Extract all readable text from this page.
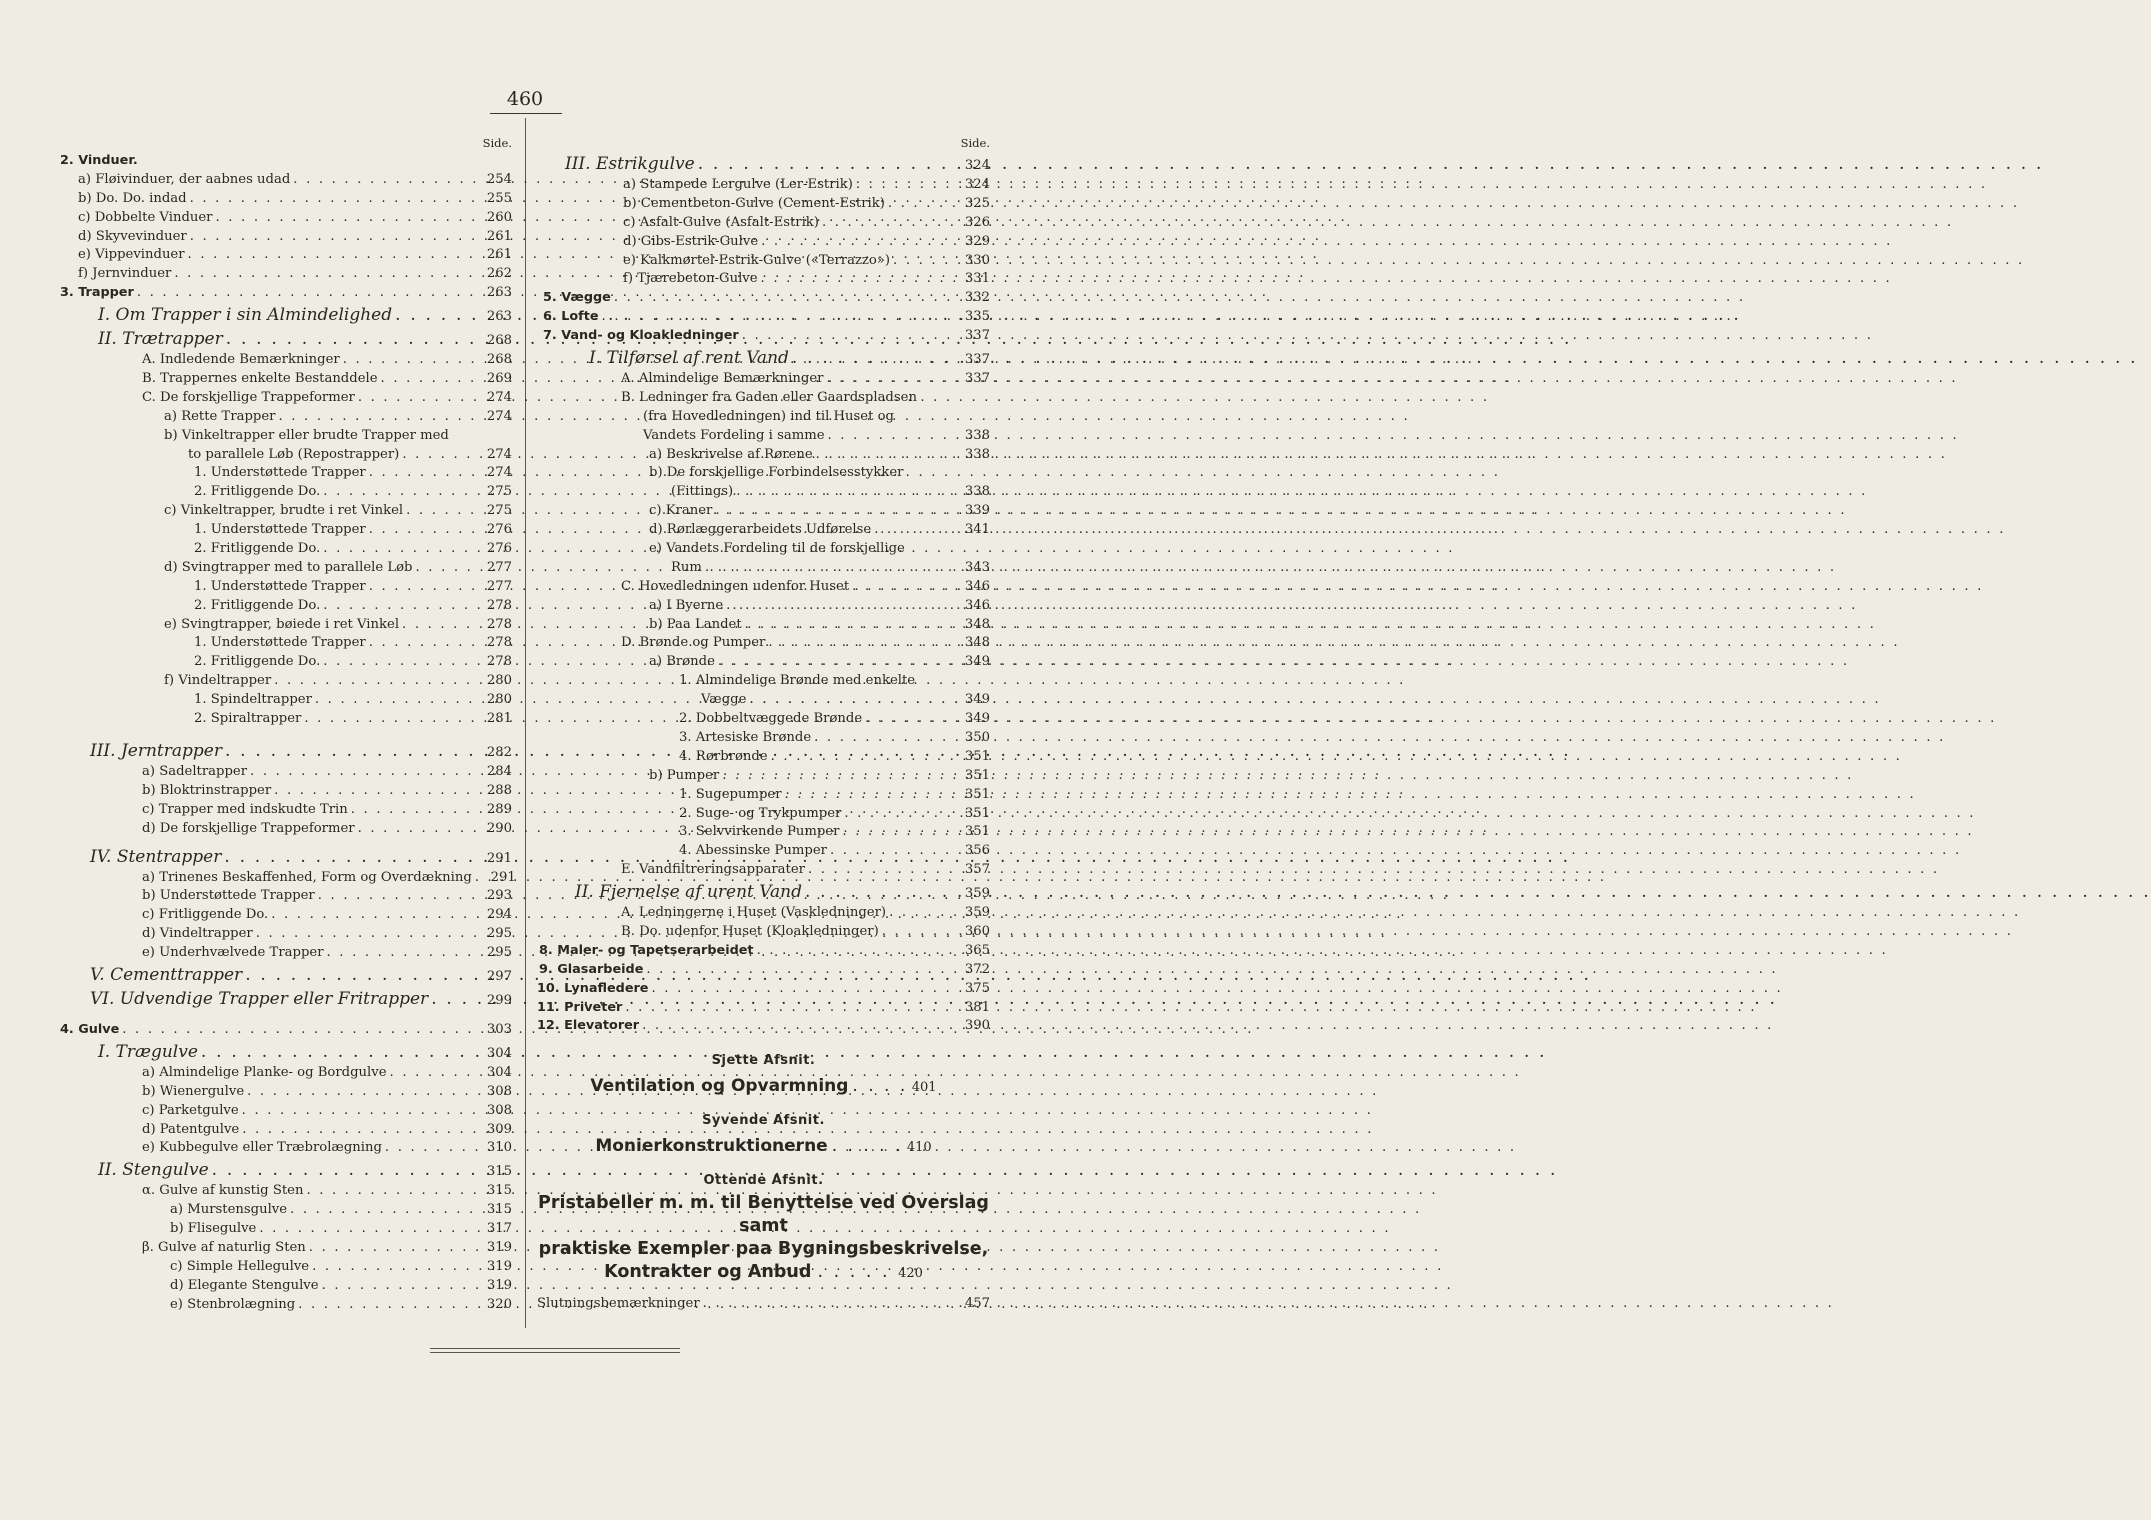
460
Side.
2. Vinduer.
a) Fløivinduer, der aabnes udad . . .	254
b) Do. Do. indad . . .	255
c) Dobbelte Vinduer . . .	260
d) Skyvevinduer . . .	261
e) Vippevinduer . . .	261
f) Jernvinduer . . .	262
3. Trapper . . .	263
I. Om Trapper i sin Almindelighed . . .	263
II. Trætrapper . . .	268
A. Indledende Bemærkninger . . .	268
B. Trappernes enkelte Bestanddele . . .	269
C. De forskjellige Trappeformer . . .	274
a) Rette Trapper . . .	274
b) Vinkeltrapper eller brudte Trapper med
to parallele Løb (Repostrapper) . . .	274
1. Understøttede Trapper . . .	274
2. Fritliggende Do. . . .	275
c) Vinkeltrapper, brudte i ret Vinkel . . .	275
1. Understøttede Trapper . . .	276
2. Fritliggende Do. . . .	276
d) Svingtrapper med to parallele Løb . . .	277
1. Understøttede Trapper . . .	277
2. Fritliggende Do. . . .	278
e) Svingtrapper, bøiede i ret Vinkel . . .	278
1. Understøttede Trapper . . .	278
2. Fritliggende Do. . . .	278
f) Vindeltrapper . . .	280
1. Spindeltrapper . . .	280
2. Spiraltrapper . . .	281
III. Jerntrapper . . .	282
a) Sadeltrapper . . .	284
b) Bloktrinstrapper . . .	288
c) Trapper med indskudte Trin . . .	289
d) De forskjellige Trappeformer . . .	290
IV. Stentrapper . . .	291
a) Trinenes Beskaffenhed, Form og Overdækning . . .	291
b) Understøttede Trapper . . .	293
c) Fritliggende Do. . . .	294
d) Vindeltrapper . . .	295
e) Underhvælvede Trapper . . .	295
V. Cementtrapper . . .	297
VI. Udvendige Trapper eller Fritrapper . . .	299
4. Gulve . . .	303
I. Trægulve . . .	304
a) Almindelige Planke- og Bordgulve . . .	304
b) Wienergulve . . .	308
c) Parketgulve . . .	308
d) Patentgulve . . .	309
e) Kubbegulve eller Træbrolægning . . .	310
II. Stengulve . . .	315
α. Gulve af kunstig Sten . . .	315
a) Murstensgulve . . .	315
b) Flisegulve . . .	317
β. Gulve af naturlig Sten . . .	319
c) Simple Hellegulve . . .	319
d) Elegante Stengulve . . .	319
e) Stenbrolægning . . .	320
Side.
III. Estrikgulve . . .	324
a) Stampede Lergulve (Ler-Estrik) . . .	324
b) Cementbeton-Gulve (Cement-Estrik) . . .	325
c) Asfalt-Gulve (Asfalt-Estrik) . . .	326
d) Gibs-Estrik-Gulve . . .	329
e) Kalkmørtel-Estrik-Gulve («Terrazzo») . . .	330
f) Tjærebeton-Gulve . . .	331
5. Vægge . . .	332
6. Lofte . . .	335
7. Vand- og Kloakledninger . . .	337
I. Tilførsel af rent Vand . . .	337
A. Almindelige Bemærkninger . . .	337
B. Ledninger fra Gaden eller Gaardspladsen
(fra Hovedledningen) ind til Huset og
Vandets Fordeling i samme . . .	338
a) Beskrivelse af Rørene . . .	338
b) De forskjellige Forbindelsesstykker
(Fittings) . . .	338
c) Kraner . . .	339
d) Rørlæggerarbeidets Udførelse . . .	341
e) Vandets Fordeling til de forskjellige
Rum . . .	343
C. Hovedledningen udenfor Huset . . .	346
a) I Byerne . . .	346
b) Paa Landet . . .	348
D. Brønde og Pumper . . .	348
a) Brønde . . .	349
1. Almindelige Brønde med enkelte
Vægge . . .	349
2. Dobbeltvæggede Brønde . . .	349
3. Artesiske Brønde . . .	350
4. Rørbrønde . . .	351
b) Pumper . . .	351
1. Sugepumper . . .	351
2. Suge- og Trykpumper . . .	351
3. Selvvirkende Pumper . . .	351
4. Abessinske Pumper . . .	356
E. Vandfiltreringsapparater . . .	357
II. Fjernelse af urent Vand . . .	359
A. Ledningerne i Huset (Vaskledninger) . . .	359
B. Do. udenfor Huset (Kloakledninger) . . .	360
8. Maler- og Tapetserarbeidet . . .	365
9. Glasarbeide . . .	372
10. Lynafledere . . .	375
11. Priveter . . .	381
12. Elevatorer . . .	390
Sjette Afsnit.
Ventilation og Opvarmning . . . . 401
Syvende Afsnit.
Monierkonstruktionerne . . . . . 410
Ottende Afsnit.
Pristabeller m. m. til Benyttelse ved Overslag samt
praktiske Exempler paa Bygningsbeskrivelse,
Kontrakter og Anbud . . . . . 420
Slutningsbemærkninger . . .	457
